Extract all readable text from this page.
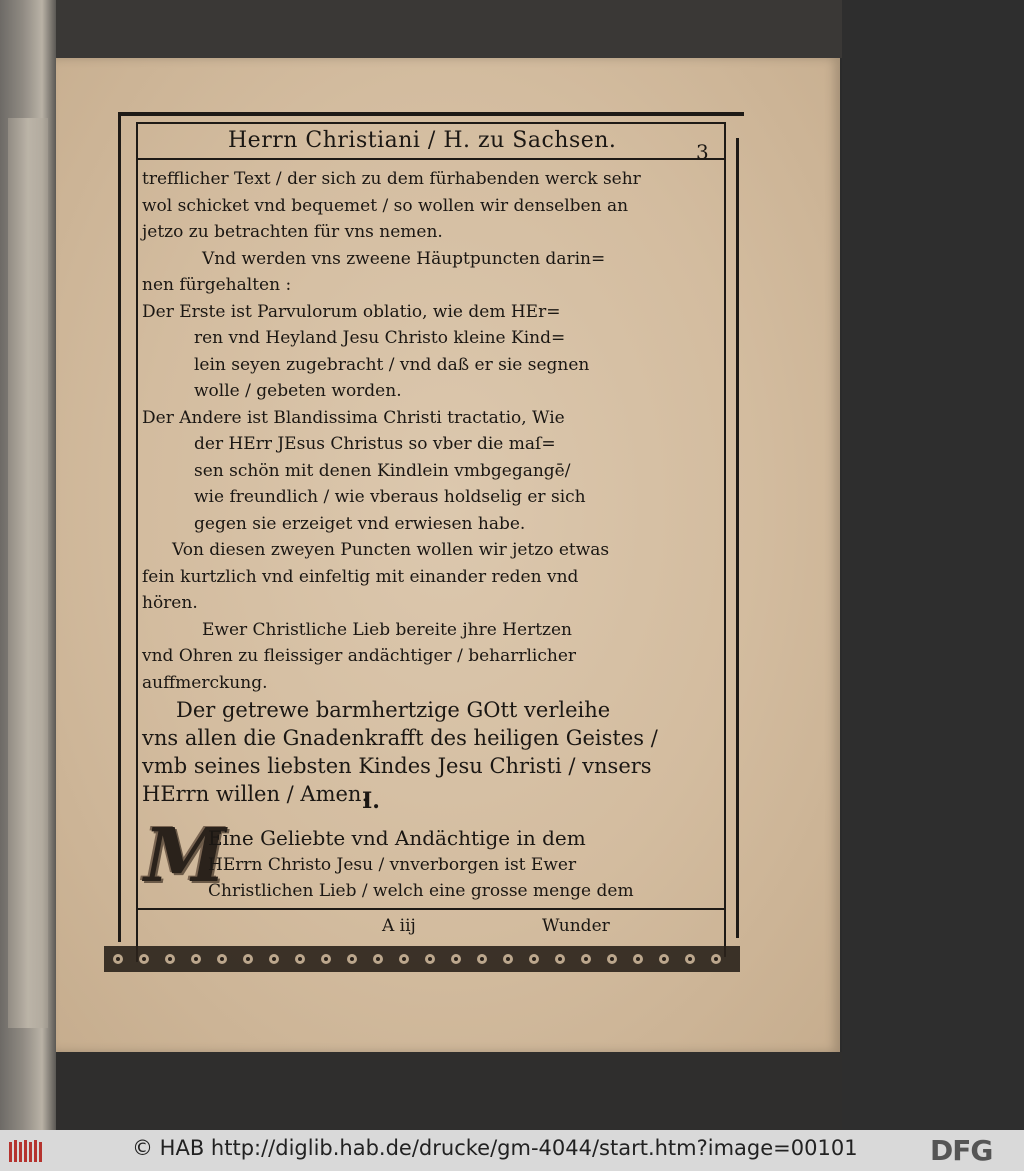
Herrn Christiani / H. zu Sachsen.	3
trefflicher Text / der sich zu dem fürhabenden werck sehr
wol schicket vnd bequemet / so wollen wir denselben an
jetzo zu betrachten für vns nemen.
Vnd werden vns zweene Häuptpuncten darin=
nen fürgehalten :
Der Erste ist Parvulorum oblatio, wie dem HEr=
ren vnd Heyland Jesu Christo kleine Kind=
lein seyen zugebracht / vnd daß er sie segnen
wolle / gebeten worden.
Der Andere ist Blandissima Christi tractatio, Wie
der HErr JEsus Christus so vber die maſ=
sen schön mit denen Kindlein vmbgegangē/
wie freundlich / wie vberaus holdselig er sich
gegen sie erzeiget vnd erwiesen habe.
Von diesen zweyen Puncten wollen wir jetzo etwas
fein kurtzlich vnd einfeltig mit einander reden vnd
hören.
Ewer Christliche Lieb bereite jhre Hertzen
vnd Ohren zu fleissiger andächtiger / beharrlicher
auffmerckung.
Der getrewe barmhertzige GOtt verleihe
vns allen die Gnadenkrafft des heiligen Geistes /
vmb seines liebsten Kindes Jesu Christi / vnsers
HErrn willen / Amen.
I.
M
Eine Geliebte vnd Andächtige in dem
HErrn Christo Jesu / vnverborgen ist Ewer
Christlichen Lieb / welch eine grosse menge dem
A iij	Wunder
© HAB http://diglib.hab.de/drucke/gm-4044/start.htm?image=00101	DFG
